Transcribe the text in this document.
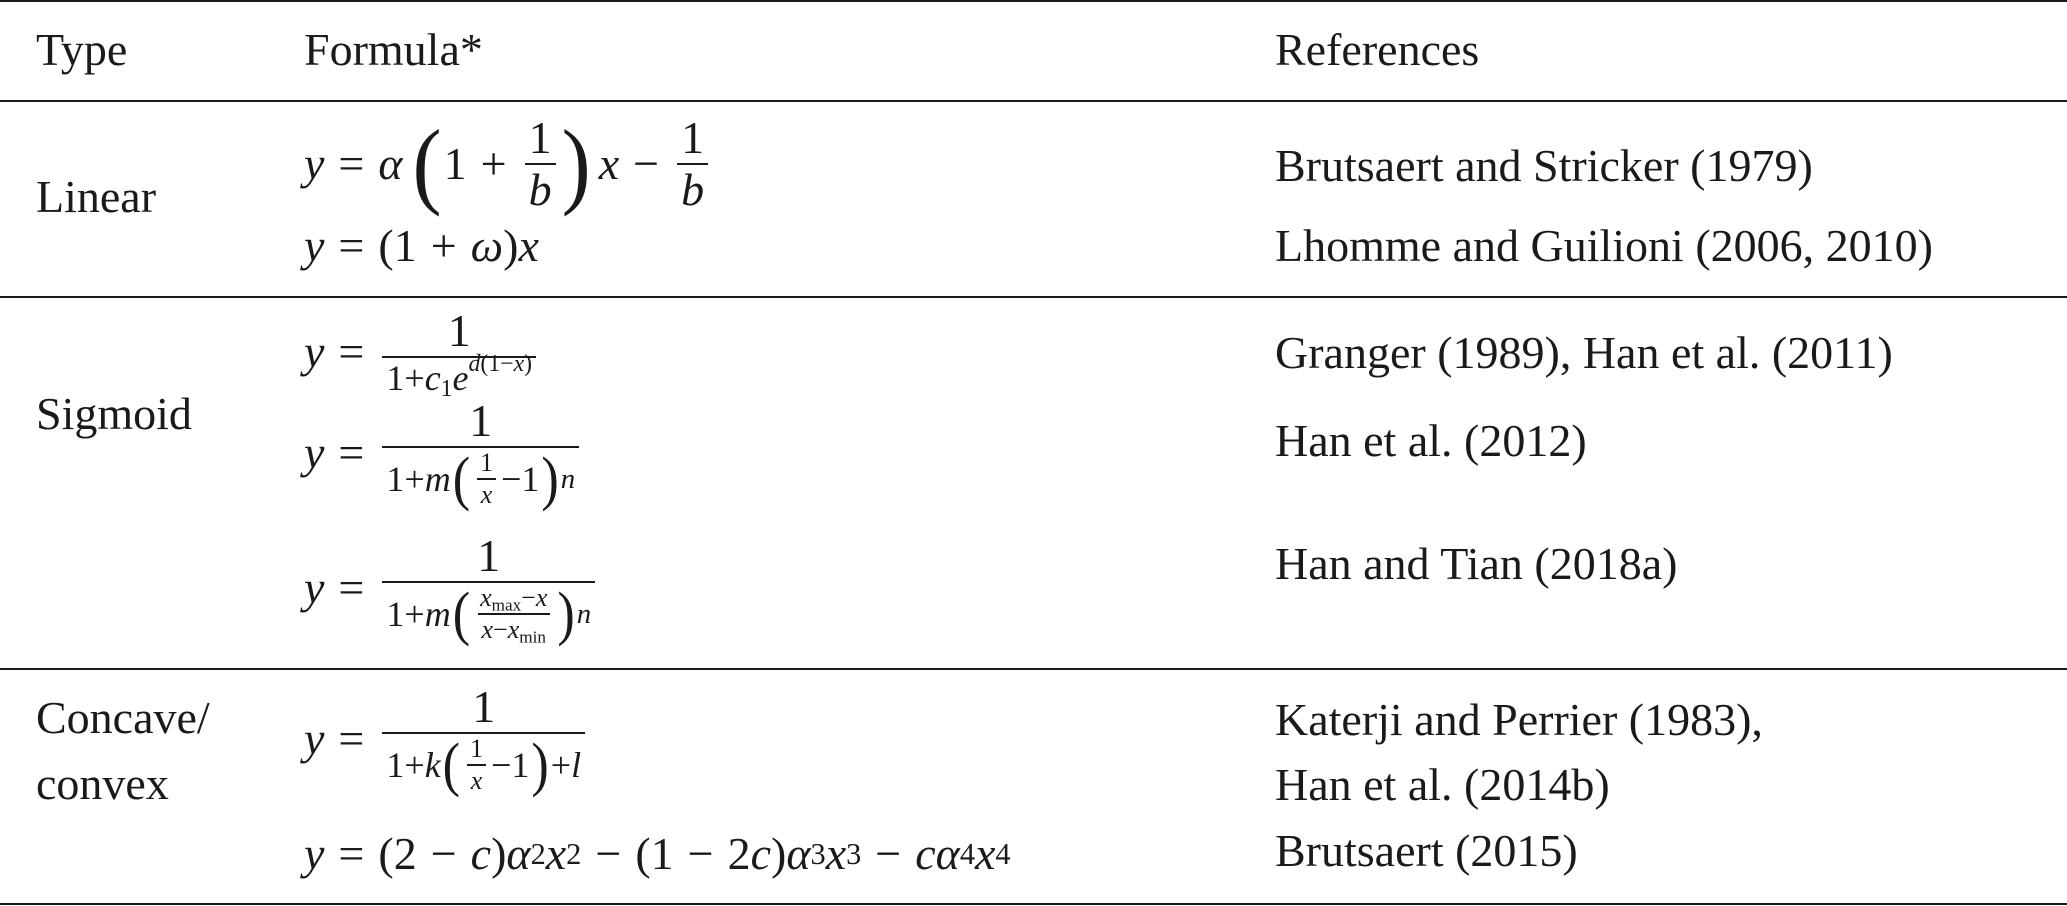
Type	Formula*	References
Linear
y = α ( $1 + \frac{1}{b}$ ) $x - \frac{1}{b}$
y = (1 + ω ) x
Brutsaert and Stricker (1979)
Lhomme and Guilioni (2006, 2010)
Sigmoid
$y = \frac{1}{1+c_1e^{d(1-x)}}$
$y = \frac{1}{1+ m ( \frac{1}{x} -1 ) n}$
$y = \frac{1}{1+ m ( \frac{x_{max}-x}{x-x_{min}} ) n}$
Granger (1989), Han et al. (2011)
Han et al. (2012)
Han and Tian (2018a)
Concave/
convex
$y = \frac{1}{1+ k ( \frac{1}{x} -1 ) + l}$
y = (2 − c ) α 2 x 2 − (1 − 2 c ) α 3 x 3 − cα 4 x 4
Katerji and Perrier (1983),
Han et al. (2014b)
Brutsaert (2015)
